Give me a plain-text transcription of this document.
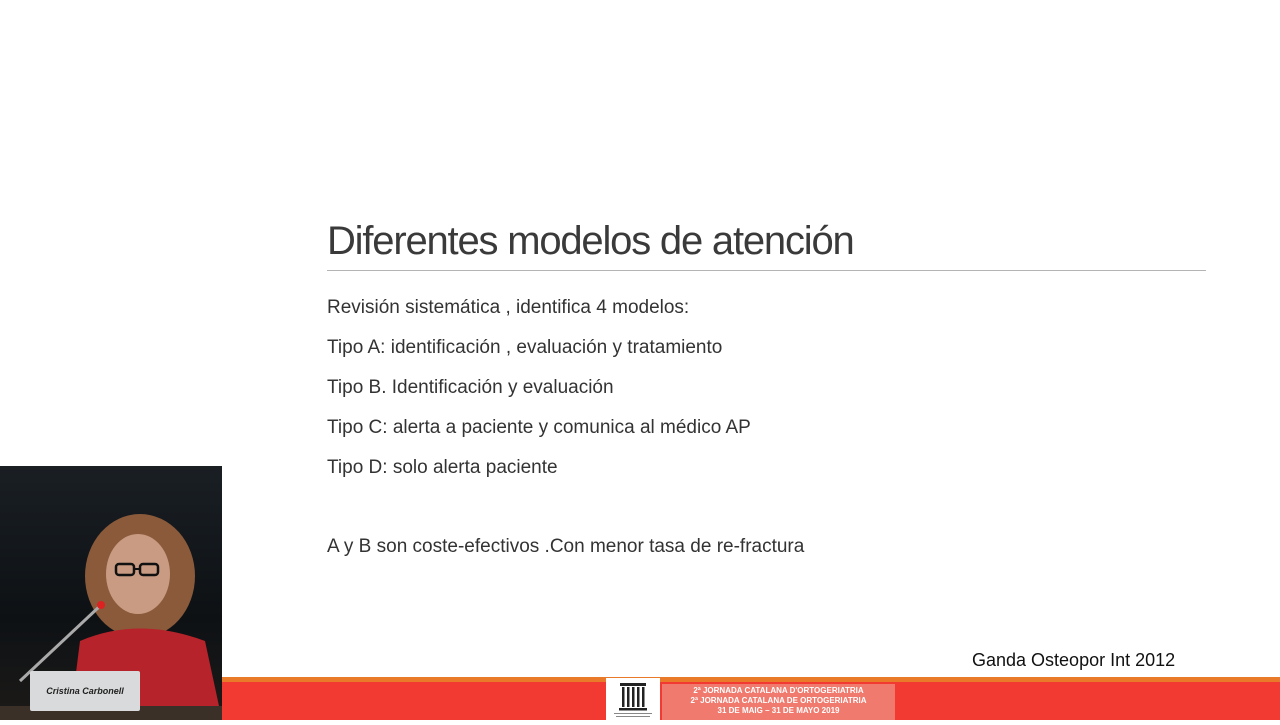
Diferentes modelos de atención
Revisión sistemática , identifica 4 modelos:
Tipo A: identificación , evaluación y tratamiento
Tipo B. Identificación y evaluación
Tipo C: alerta a paciente y comunica al médico AP
Tipo D: solo alerta paciente
A y B son coste-efectivos .Con menor tasa de re-fractura
Ganda Osteopor Int 2012
2ª JORNADA CATALANA D'ORTOGERIATRIA
2ª JORNADA CATALANA DE ORTOGERIATRIA
31 DE MAIG – 31 DE MAYO 2019
Cristina Carbonell
